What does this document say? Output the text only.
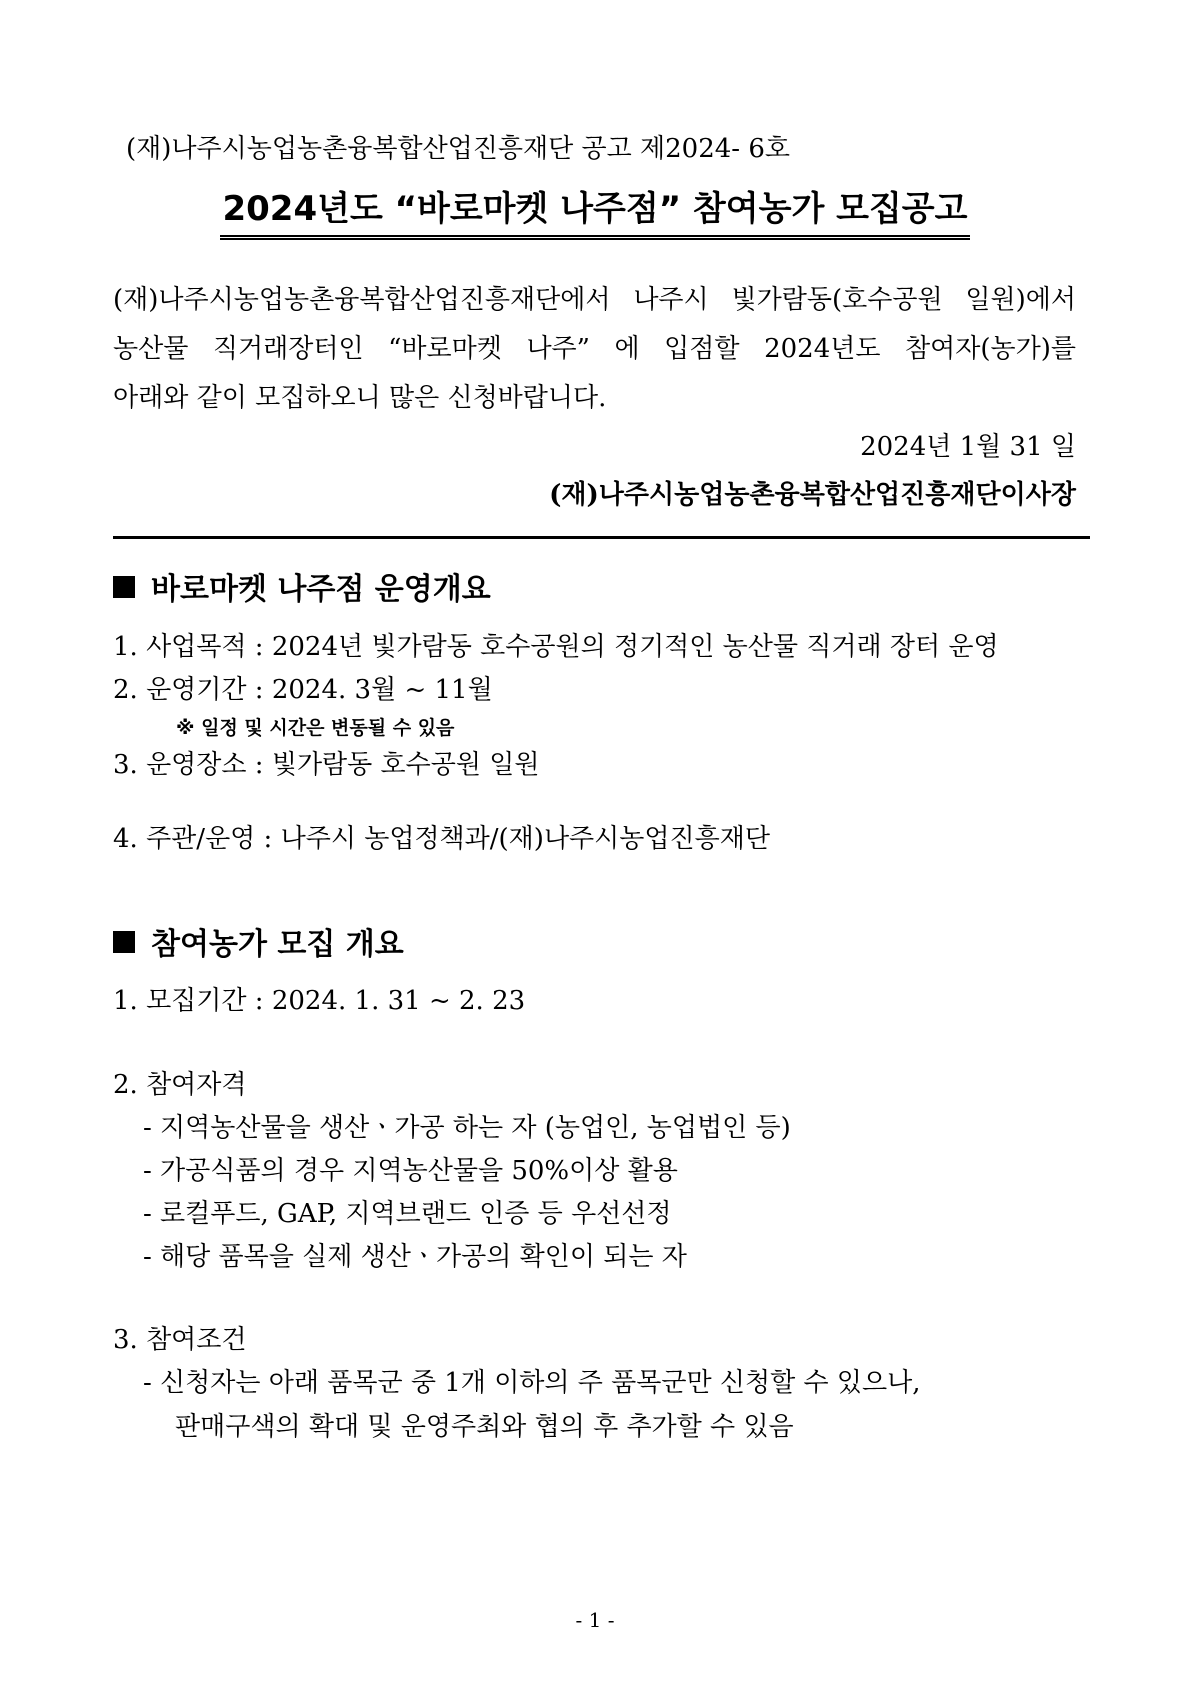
(재)나주시농업농촌융복합산업진흥재단 공고 제2024- 6호
2024년도 “바로마켓 나주점” 참여농가 모집공고

(재)나주시농업농촌융복합산업진흥재단에서 나주시 빛가람동(호수공원 일원)에서

농산물 직거래장터인 “바로마켓 나주” 에 입점할 2024년도 참여자(농가)를

아래와 같이 모집하오니 많은 신청바랍니다.

2024년 1월 31 일
(재)나주시농업농촌융복합산업진흥재단이사장
바로마켓 나주점 운영개요
1. 사업목적 : 2024년 빛가람동 호수공원의 정기적인 농산물 직거래 장터 운영
2. 운영기간 : 2024. 3월 ~ 11월
※ 일정 및 시간은 변동될 수 있음
3. 운영장소 : 빛가람동 호수공원 일원
4. 주관/운영 : 나주시 농업정책과/(재)나주시농업진흥재단
참여농가 모집 개요
1. 모집기간 : 2024. 1. 31 ~ 2. 23
2. 참여자격
- 지역농산물을 생산ㆍ가공 하는 자 (농업인, 농업법인 등)
- 가공식품의 경우 지역농산물을 50%이상 활용
- 로컬푸드, GAP, 지역브랜드 인증 등 우선선정
- 해당 품목을 실제 생산ㆍ가공의 확인이 되는 자
3. 참여조건
- 신청자는 아래 품목군 중 1개 이하의 주 품목군만 신청할 수 있으나,
판매구색의 확대 및 운영주최와 협의 후 추가할 수 있음
- 1 -
